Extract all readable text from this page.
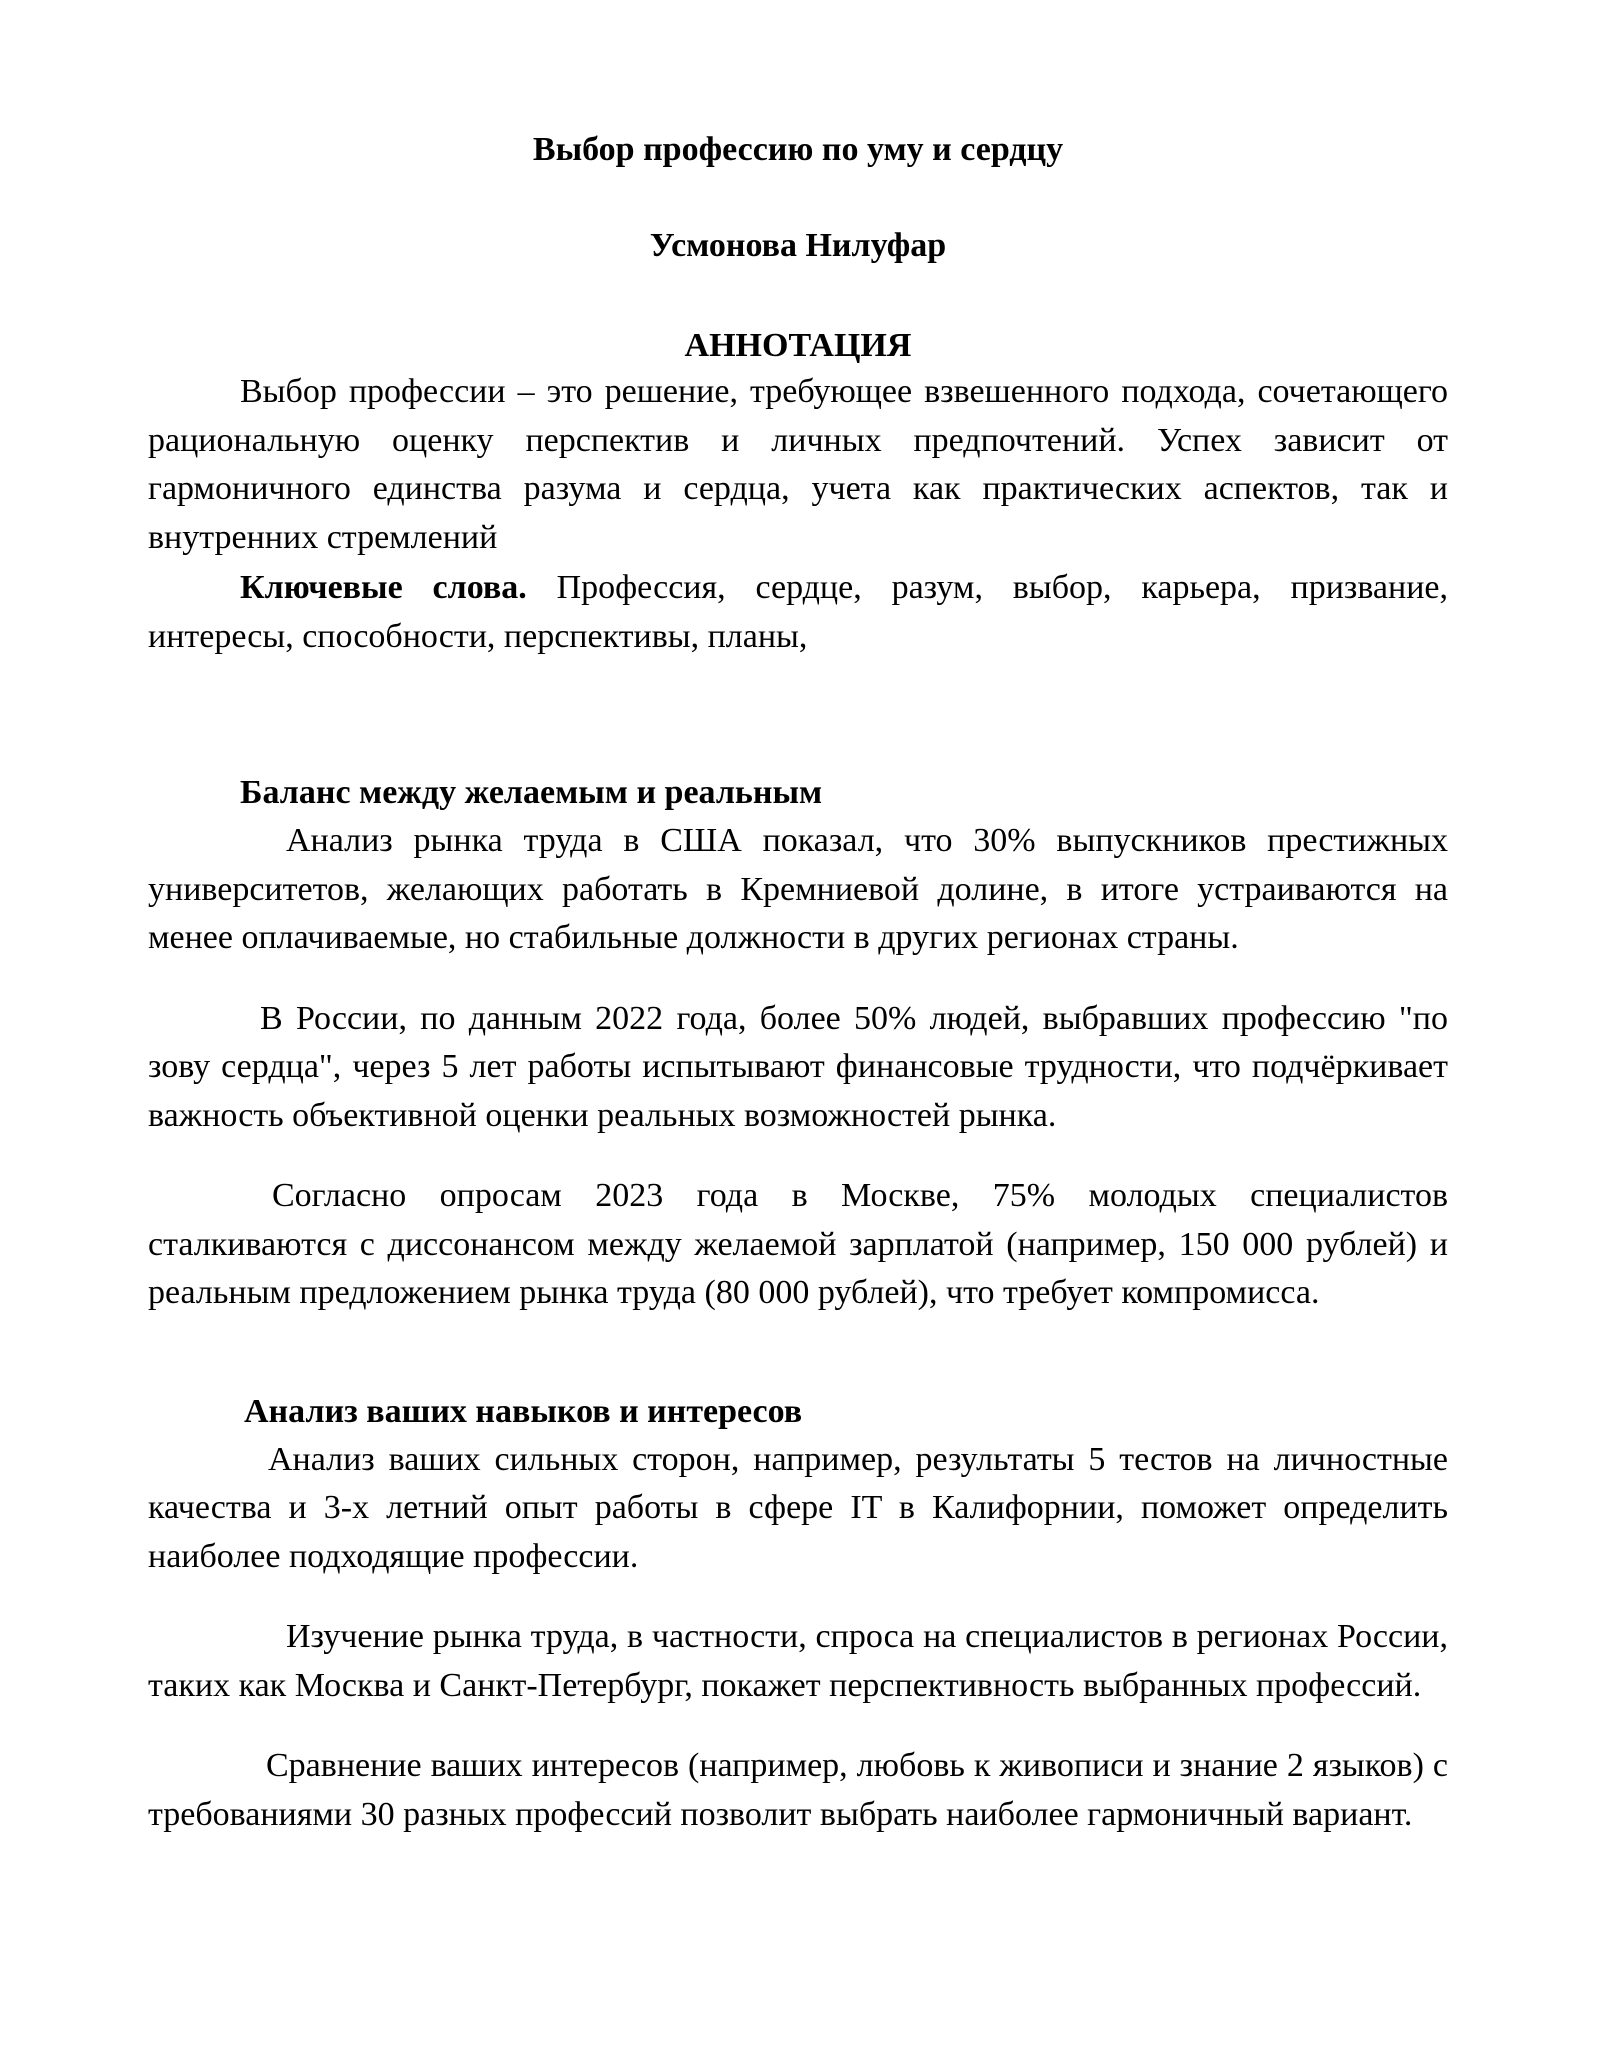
Выбор профессию по уму и сердцу

Усмонова Нилуфар

АННОТАЦИЯ

Выбор профессии – это решение, требующее взвешенного подхода, сочетающего рациональную оценку перспектив и личных предпочтений. Успех зависит от гармоничного единства разума и сердца, учета как практических аспектов, так и внутренних стремлений

Ключевые слова. Профессия, сердце, разум, выбор, карьера, призвание, интересы, способности, перспективы, планы,

Баланс между желаемым и реальным

Анализ рынка труда в США показал, что 30% выпускников престижных университетов, желающих работать в Кремниевой долине, в итоге устраиваются на менее оплачиваемые, но стабильные должности в других регионах страны.

В России, по данным 2022 года, более 50% людей, выбравших профессию "по зову сердца", через 5 лет работы испытывают финансовые трудности, что подчёркивает важность объективной оценки реальных возможностей рынка.

Согласно опросам 2023 года в Москве, 75% молодых специалистов сталкиваются с диссонансом между желаемой зарплатой (например, 150 000 рублей) и реальным предложением рынка труда (80 000 рублей), что требует компромисса.

Анализ ваших навыков и интересов

Анализ ваших сильных сторон, например, результаты 5 тестов на личностные качества и 3-х летний опыт работы в сфере IT в Калифорнии, поможет определить наиболее подходящие профессии.

Изучение рынка труда, в частности, спроса на специалистов в регионах России, таких как Москва и Санкт-Петербург, покажет перспективность выбранных профессий.

Сравнение ваших интересов (например, любовь к живописи и знание 2 языков) с требованиями 30 разных профессий позволит выбрать наиболее гармоничный вариант.
